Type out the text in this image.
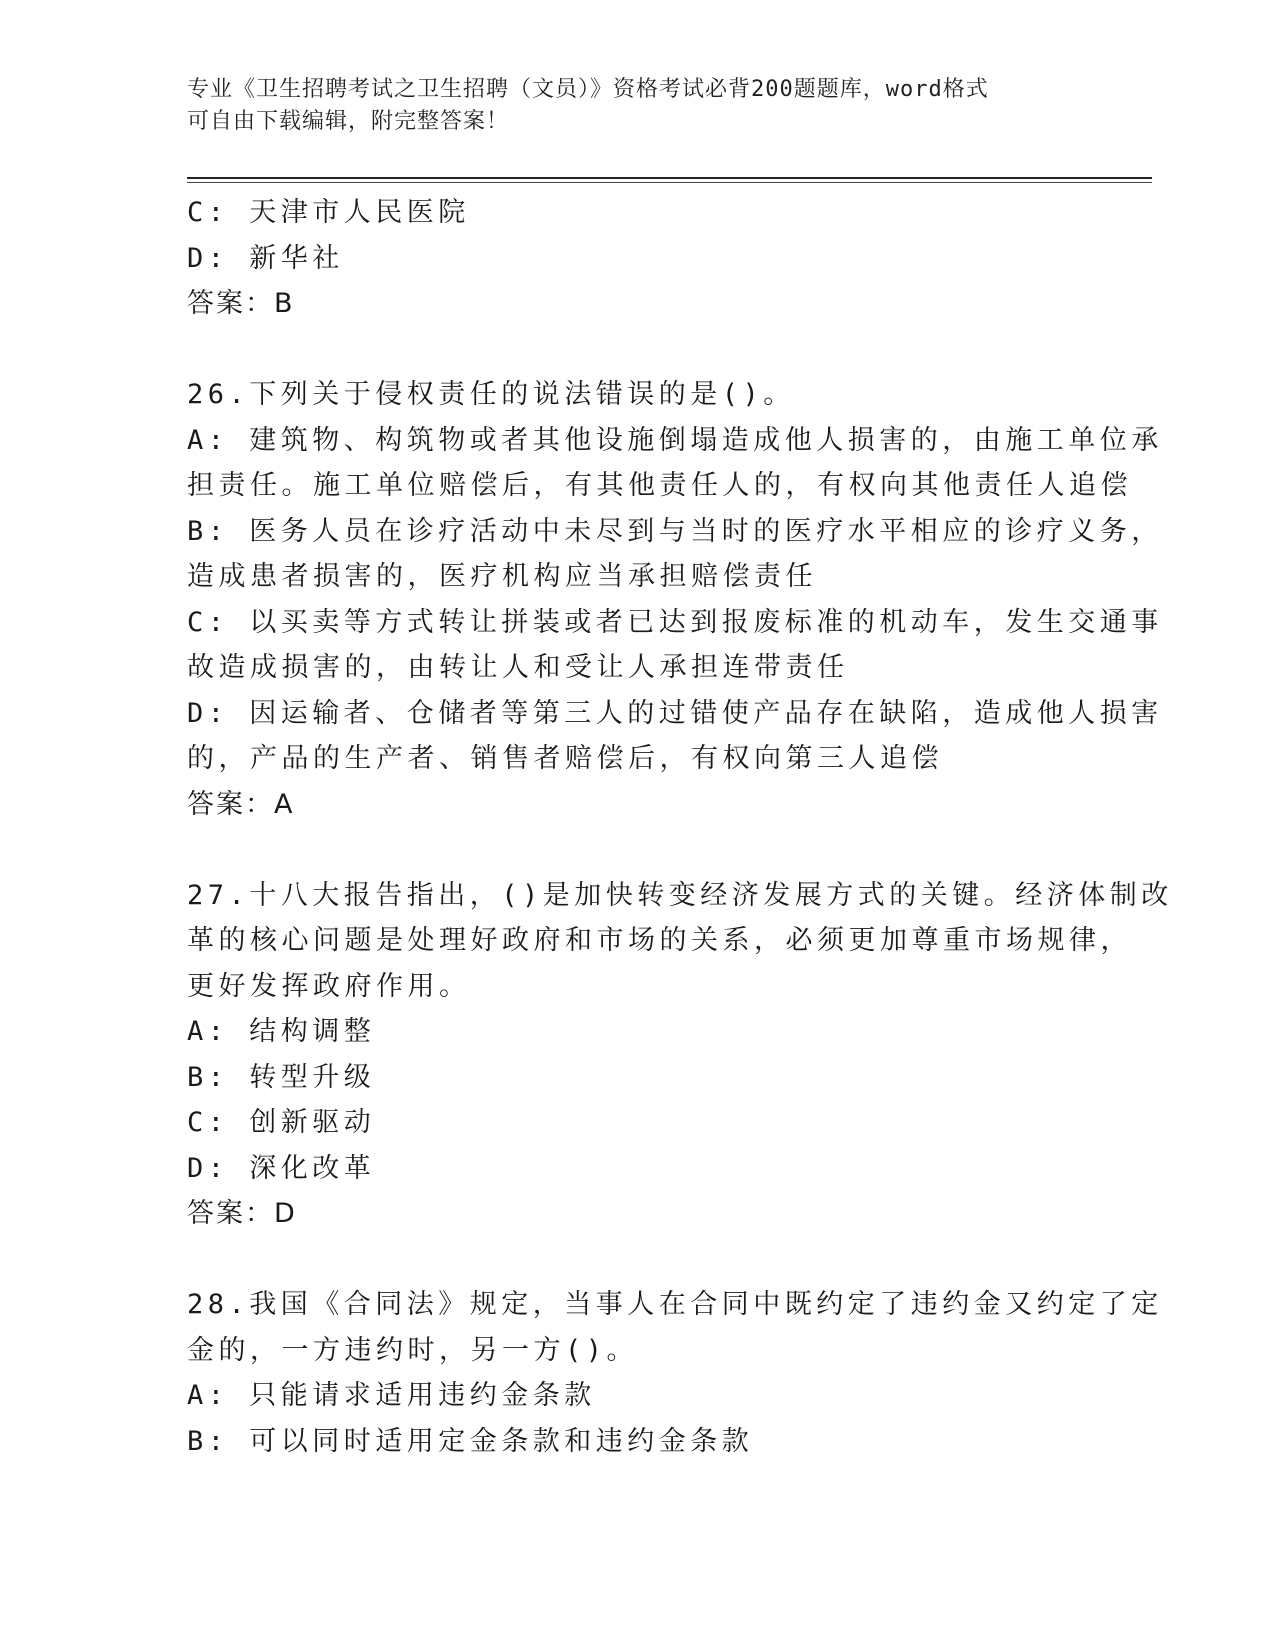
专业《卫生招聘考试之卫生招聘（文员）》资格考试必背200题题库，word格式
可自由下载编辑，附完整答案！
C: 天津市人民医院
D: 新华社
答案：B
26.下列关于侵权责任的说法错误的是()。
A: 建筑物、构筑物或者其他设施倒塌造成他人损害的，由施工单位承
担责任。施工单位赔偿后，有其他责任人的，有权向其他责任人追偿
B: 医务人员在诊疗活动中未尽到与当时的医疗水平相应的诊疗义务，
造成患者损害的，医疗机构应当承担赔偿责任
C: 以买卖等方式转让拼装或者已达到报废标准的机动车，发生交通事
故造成损害的，由转让人和受让人承担连带责任
D: 因运输者、仓储者等第三人的过错使产品存在缺陷，造成他人损害
的，产品的生产者、销售者赔偿后，有权向第三人追偿
答案：A
27.十八大报告指出，()是加快转变经济发展方式的关键。经济体制改
革的核心问题是处理好政府和市场的关系，必须更加尊重市场规律，
更好发挥政府作用。
A: 结构调整
B: 转型升级
C: 创新驱动
D: 深化改革
答案：D
28.我国《合同法》规定，当事人在合同中既约定了违约金又约定了定
金的，一方违约时，另一方()。
A: 只能请求适用违约金条款
B: 可以同时适用定金条款和违约金条款
